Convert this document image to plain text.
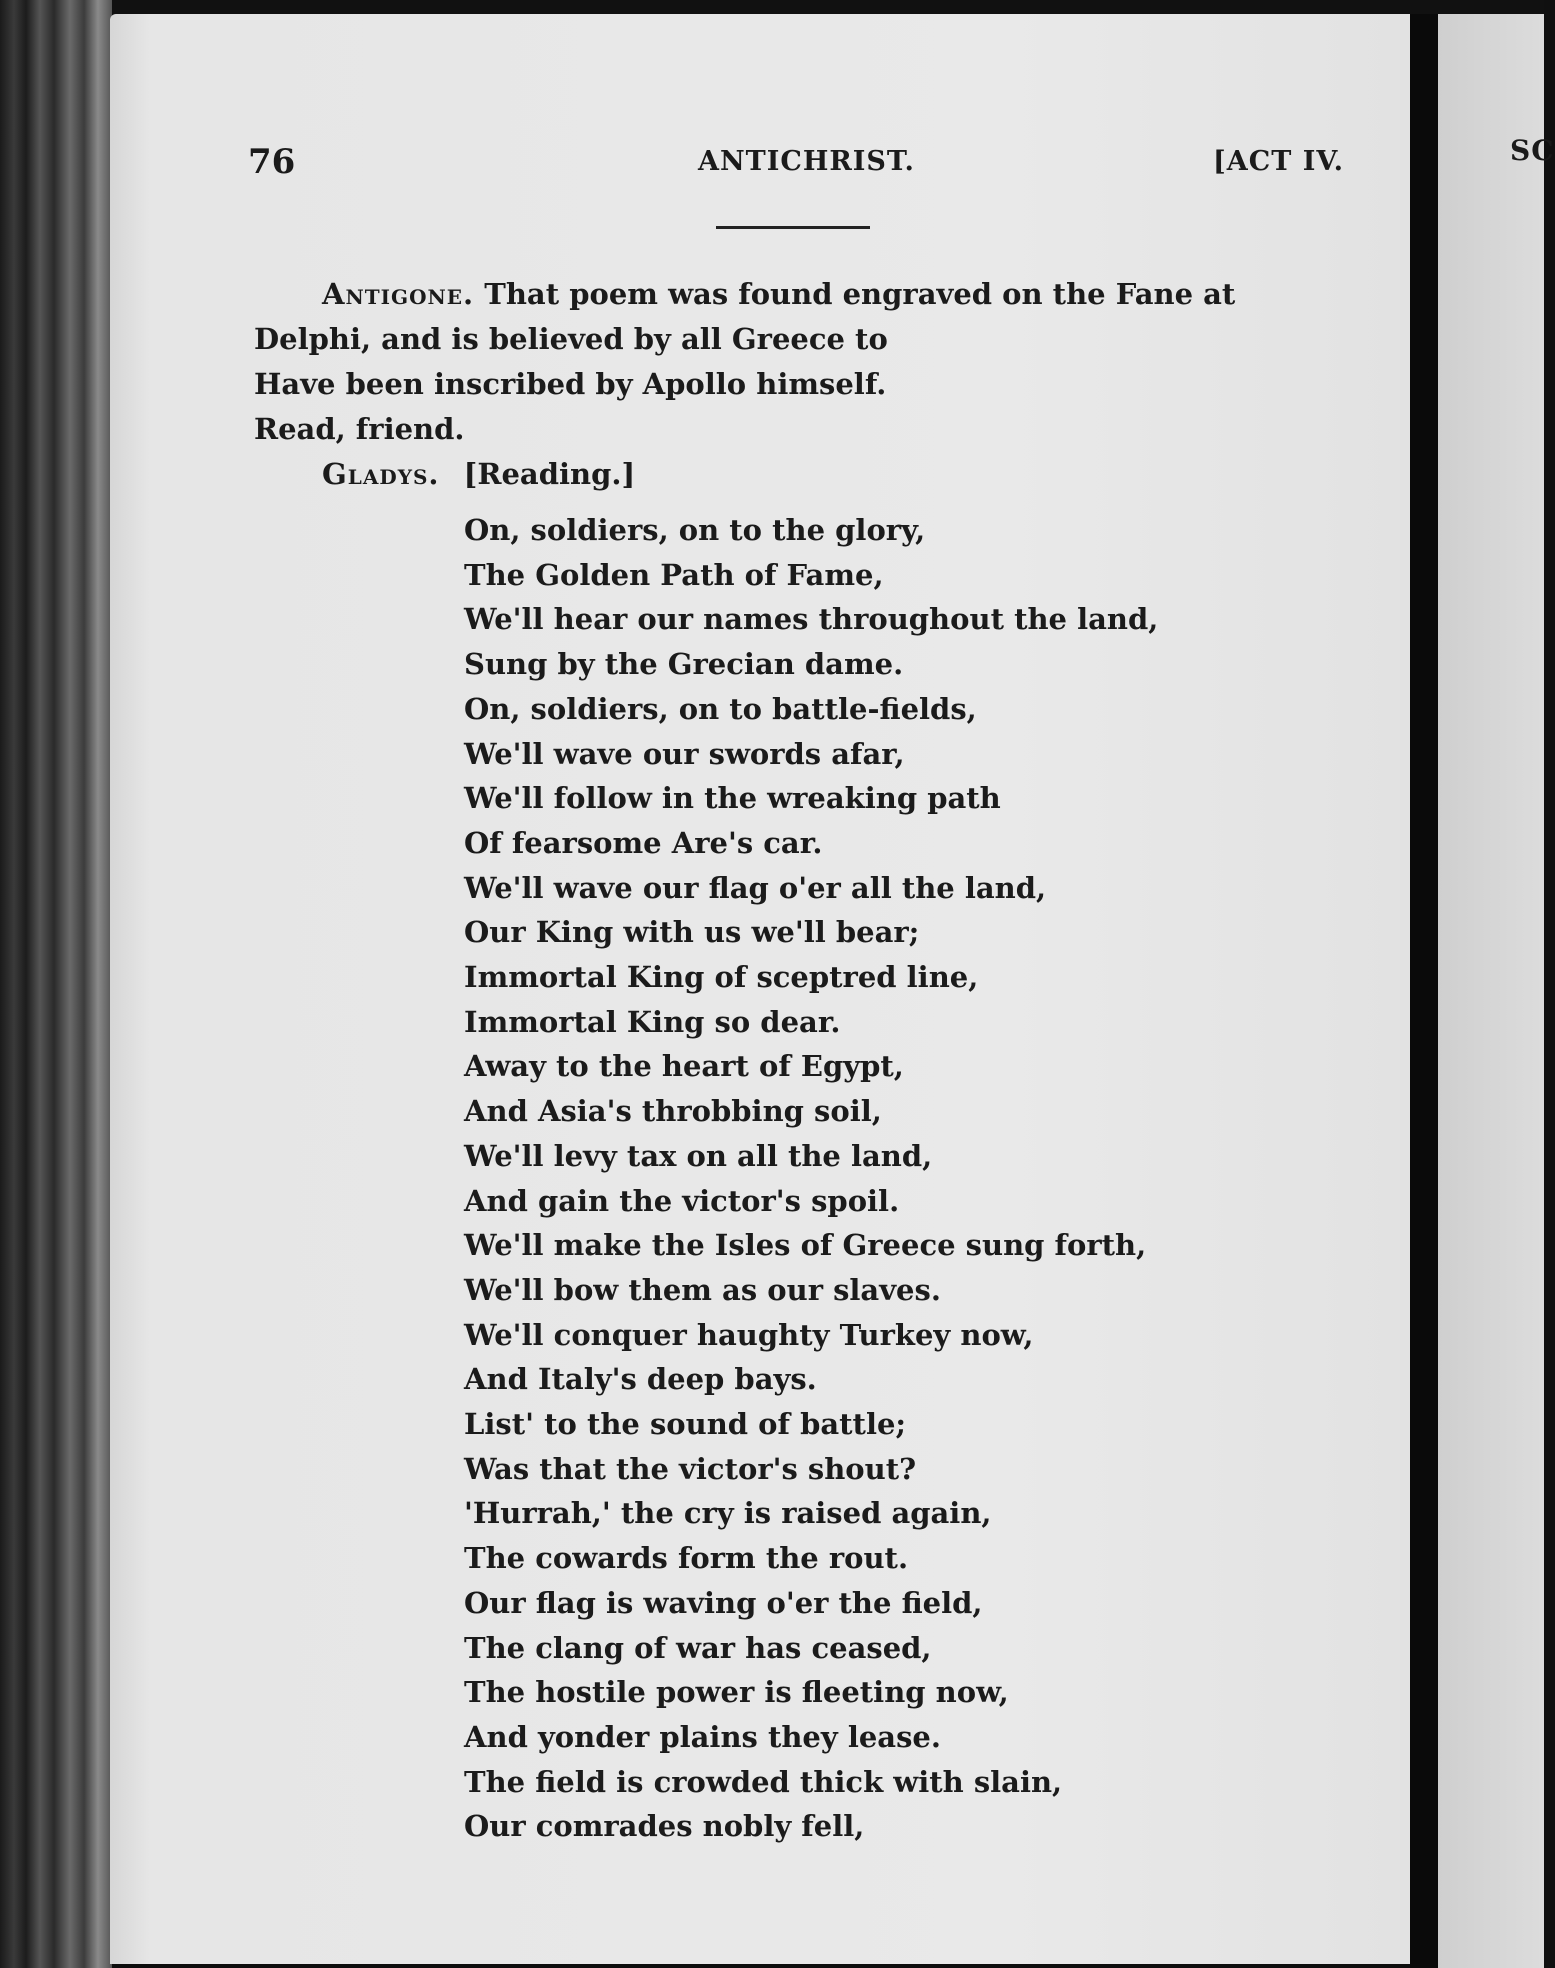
76	ANTICHRIST.	[ACT IV.
Antigone. That poem was found engraved on the Fane at
Delphi, and is believed by all Greece to
Have been inscribed by Apollo himself.
Read, friend.
Gladys. [Reading.]
On, soldiers, on to the glory,
The Golden Path of Fame,
We'll hear our names throughout the land,
Sung by the Grecian dame.
On, soldiers, on to battle-fields,
We'll wave our swords afar,
We'll follow in the wreaking path
Of fearsome Are's car.
We'll wave our flag o'er all the land,
Our King with us we'll bear;
Immortal King of sceptred line,
Immortal King so dear.
Away to the heart of Egypt,
And Asia's throbbing soil,
We'll levy tax on all the land,
And gain the victor's spoil.
We'll make the Isles of Greece sung forth,
We'll bow them as our slaves.
We'll conquer haughty Turkey now,
And Italy's deep bays.
List' to the sound of battle;
Was that the victor's shout?
'Hurrah,' the cry is raised again,
The cowards form the rout.
Our flag is waving o'er the field,
The clang of war has ceased,
The hostile power is fleeting now,
And yonder plains they lease.
The field is crowded thick with slain,
Our comrades nobly fell,
SC
